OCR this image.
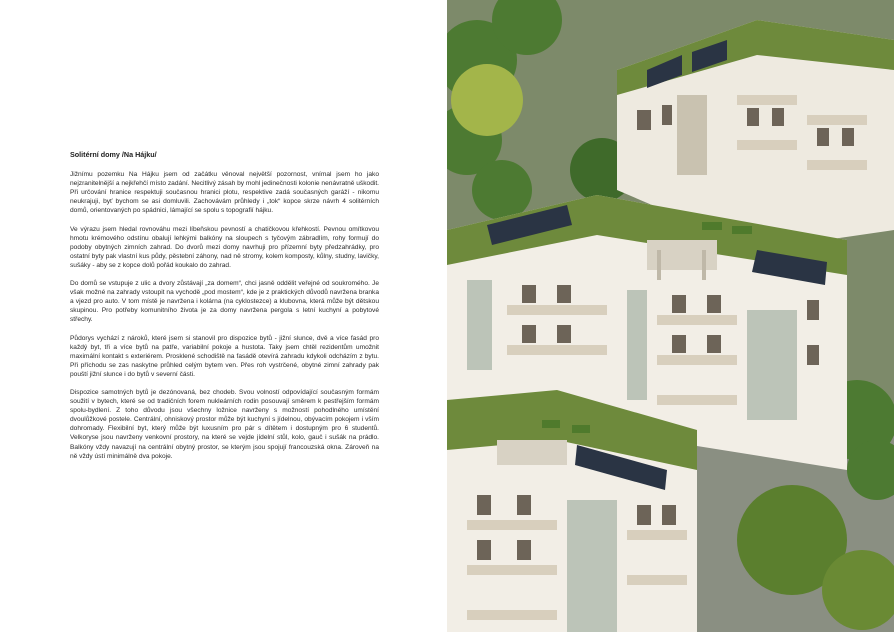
Solitérní domy /Na Hájku/

Jižnímu pozemku Na Hájku jsem od začátku věnoval největší pozornost, vnímal jsem ho jako nejzranitelnější a nejkřehčí místo zadání. Necitlivý zásah by mohl jedinečnosti kolonie nenávratně uškodit. Při určování hranice respektuji současnou hranici plotu, respektive zadá současných garáží - nikomu neukrajuji, byť bychom se asi domluvili. Zachovávám průhledy i „tok“ kopce skrze návrh 4 solitérních domů, orientovaných po spádnici, lámající se spolu s topografií hájku.

Ve výrazu jsem hledal rovnováhu mezi líbeňskou pevností a chatičkovou křehkostí. Pevnou omítkovou hmotu krémového odstínu obalují lehkými balkóny na sloupech s tyčovým zábradlím, rohy formují do podoby obytných zimních zahrad. Do dvorů mezi domy navrhuji pro přízemní byty předzahrádky, pro ostatní byty pak vlastní kus půdy, pěstební záhony, nad ně stromy, kolem komposty, kůlny, studny, lavičky, sušáky - aby se z kopce dolů pořád koukalo do zahrad.

Do domů se vstupuje z ulic a dvory zůstávají „za domem“, chci jasně oddělit veřejné od soukromého. Je však možné na zahrady vstoupit na vychodě „pod mostem“, kde je z praktických důvodů navržena branka a vjezd pro auto. V tom místě je navržena i kolárna (na cyklostezce) a klubovna, která může být dětskou skupinou. Pro potřeby komunitního života je za domy navržena pergola s letní kuchyní a pobytové střechy.

Půdorys vychází z nároků, které jsem si stanovil pro dispozice bytů - jižní slunce, dvě a více fasád pro každý byt, tři a více bytů na patře, variabilní pokoje a hustota. Taky jsem chtěl rezidentům umožnit maximální kontakt s exteriérem. Prosklené schodiště na fasádě otevírá zahradu kdykoli odcházím z bytu. Při příchodu se zas naskytne průhled celým bytem ven. Přes roh vystrčené, obytné zimní zahrady pak pouští jižní slunce i do bytů v severní části.

Dispozice samotných bytů je dezónovaná, bez chodeb. Svou volností odpovídající současným formám soužití v bytech, které se od tradičních forem nukleárních rodin posouvají směrem k pestřejším formám spolu-bydlení. Z toho důvodu jsou všechny ložnice navrženy s možností pohodlného umístění dvoulůžkové postele. Centrální, ohniskový prostor může být kuchyní s jídelnou, obývacím pokojem i vším dohromady. Flexibilní byt, který může být luxusním pro pár s dítětem i dostupným pro 6 studentů. Velkoryse jsou navrženy venkovní prostory, na které se vejde jídelní stůl, kolo, gauč i sušák na prádlo. Balkóny vždy navazují na centrální obytný prostor, se kterým jsou spojují francouzská okna. Zároveň na ně vždy ústí minimálně dva pokoje.
